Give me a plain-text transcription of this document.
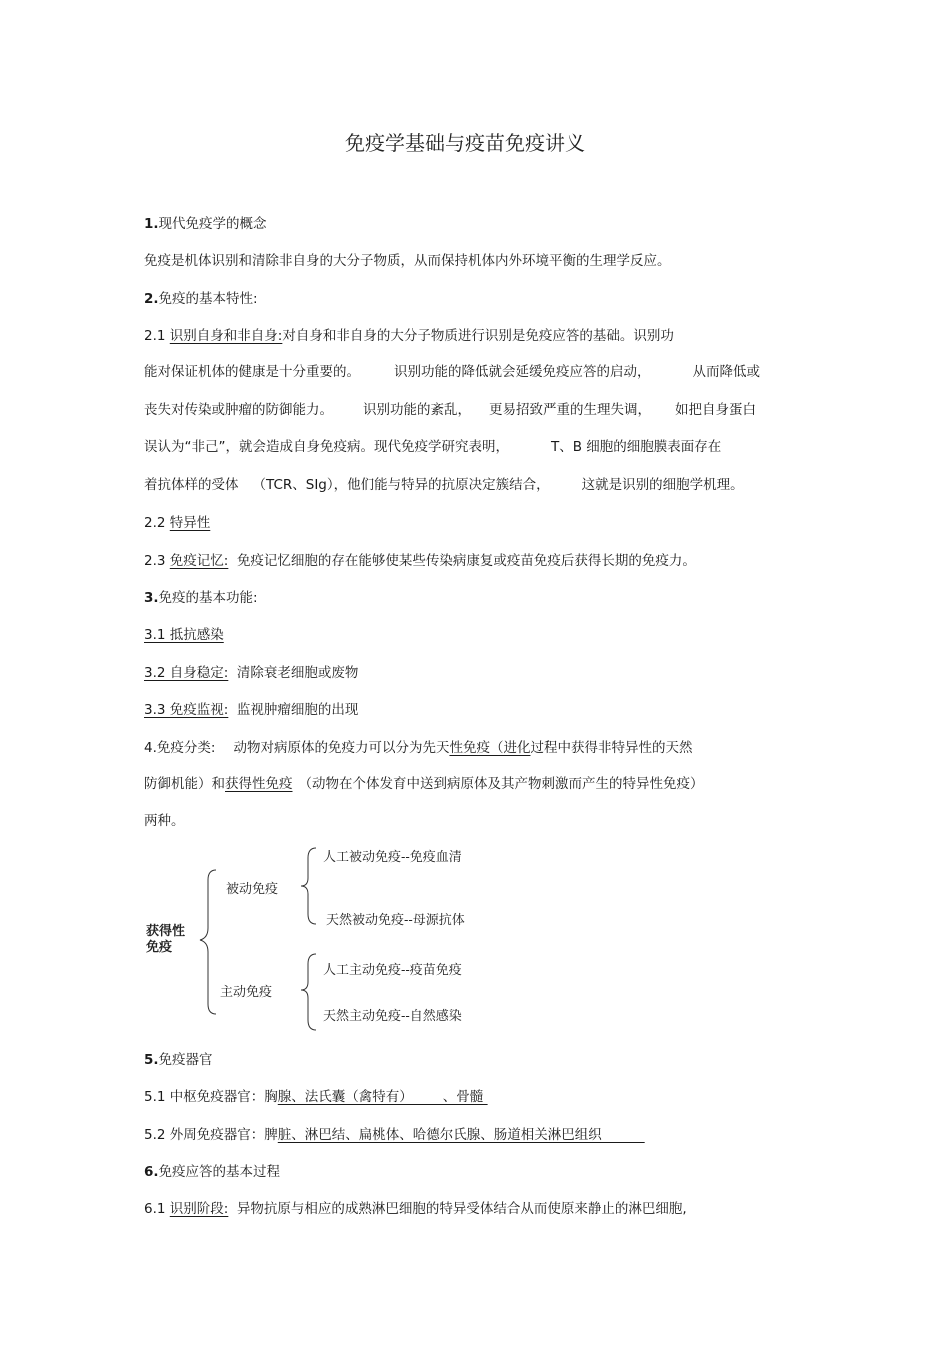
免疫学基础与疫苗免疫讲义
1.现代免疫学的概念
免疫是机体识别和清除非自身的大分子物质，从而保持机体内外环境平衡的生理学反应。
2.免疫的基本特性:
2.1 识别自身和非自身:对自身和非自身的大分子物质进行识别是免疫应答的基础。识别功
能对保证机体的健康是十分重要的。	识别功能的降低就会延缓免疫应答的启动，	从而降低或
丧失对传染或肿瘤的防御能力。 识别功能的紊乱， 更易招致严重的生理失调， 如把自身蛋白
误认为“非己”，就会造成自身免疫病。现代免疫学研究表明，	T、B 细胞的细胞膜表面存在
着抗体样的受体 （TCR、SIg），他们能与特异的抗原决定簇结合， 这就是识别的细胞学机理。
2.2 特异性
2.3 免疫记忆: 免疫记忆细胞的存在能够使某些传染病康复或疫苗免疫后获得长期的免疫力。
3.免疫的基本功能:
3.1 抵抗感染
3.2 自身稳定: 清除衰老细胞或废物
3.3 免疫监视: 监视肿瘤细胞的出现
4.免疫分类: 动物对病原体的免疫力可以分为先天性免疫（进化过程中获得非特异性的天然
防御机能）和获得性免疫 （动物在个体发育中送到病原体及其产物刺激而产生的特异性免疫）
两种。
获得性
免疫
被动免疫
主动免疫
人工被动免疫--免疫血清
天然被动免疫--母源抗体
人工主动免疫--疫苗免疫
天然主动免疫--自然感染
5.免疫器官
5.1 中枢免疫器官：胸腺、法氏囊（禽特有）       、骨髓
5.2 外周免疫器官：脾脏、淋巴结、扁桃体、哈德尔氏腺、肠道相关淋巴组织
6.免疫应答的基本过程
6.1 识别阶段: 异物抗原与相应的成熟淋巴细胞的特异受体结合从而使原来静止的淋巴细胞,
